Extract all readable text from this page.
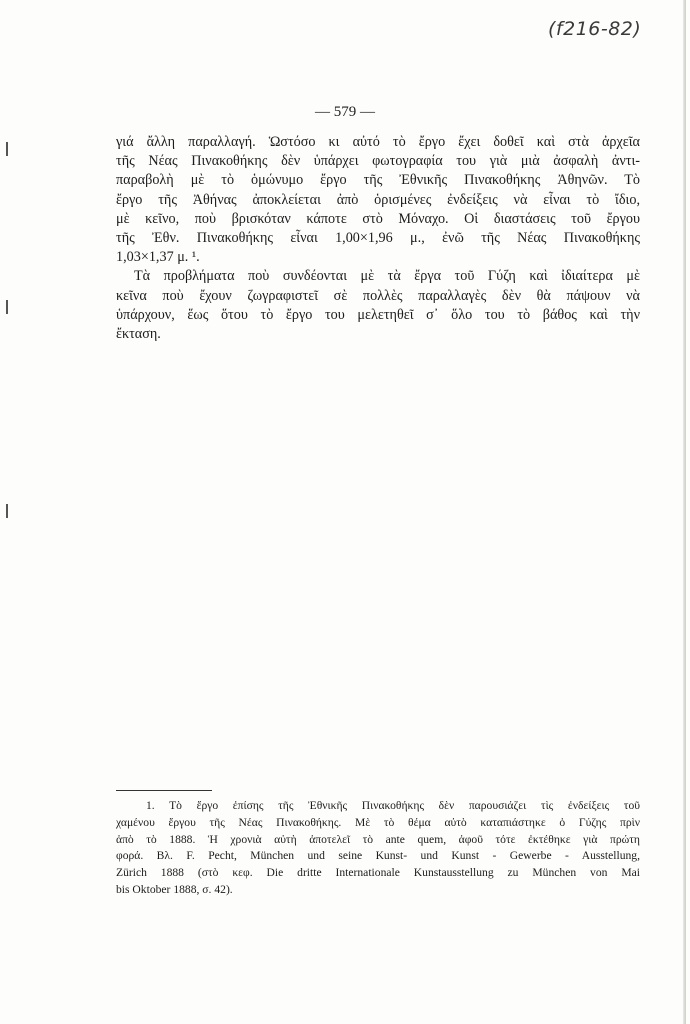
(f216-82)
— 579 —
γιά ἄλλη παραλλαγή. Ὡστόσο κι αὐτό τὸ ἔργο ἔχει δοθεῖ καὶ στὰ ἀρχεῖα
τῆς Νέας Πινακοθήκης δὲν ὑπάρχει φωτογραφία του γιὰ μιὰ ἀσφαλὴ ἀντι-
παραβολὴ μὲ τὸ ὁμώνυμο ἔργο τῆς Ἐθνικῆς Πινακοθήκης Ἀθηνῶν. Τὸ
ἔργο τῆς Ἀθήνας ἀποκλείεται ἀπὸ ὁρισμένες ἐνδείξεις νὰ εἶναι τὸ ἴδιο,
μὲ κεῖνο, ποὺ βρισκόταν κάποτε στὸ Μόναχο. Οἱ διαστάσεις τοῦ ἔργου
τῆς Ἐθν. Πινακοθήκης εἶναι 1,00×1,96 μ., ἐνῶ τῆς Νέας Πινακοθήκης
1,03×1,37 μ. ¹.
Τὰ προβλήματα ποὺ συνδέονται μὲ τὰ ἔργα τοῦ Γύζη καὶ ἰδιαίτερα μὲ
κεῖνα ποὺ ἔχουν ζωγραφιστεῖ σὲ πολλὲς παραλλαγὲς δὲν θὰ πάψουν νὰ
ὑπάρχουν, ἕως ὅτου τὸ ἔργο του μελετηθεῖ σ᾽ ὅλο του τὸ βάθος καὶ τὴν
ἔκταση.
1. Τὸ ἔργο ἐπίσης τῆς Ἐθνικῆς Πινακοθήκης δὲν παρουσιάζει τὶς ἐνδείξεις τοῦ
χαμένου ἔργου τῆς Νέας Πινακοθήκης. Μὲ τὸ θέμα αὐτὸ καταπιάστηκε ὁ Γύζης πρὶν
ἀπὸ τὸ 1888. Ἡ χρονιὰ αὐτὴ ἀποτελεῖ τὸ ante quem, ἀφοῦ τότε ἐκτέθηκε γιὰ πρώτη
φορά. Βλ. F. Pecht, München und seine Kunst- und Kunst - Gewerbe - Ausstellung,
Zürich 1888 (στὸ κεφ. Die dritte Internationale Kunstausstellung zu München von Mai
bis Oktober 1888, σ. 42).
